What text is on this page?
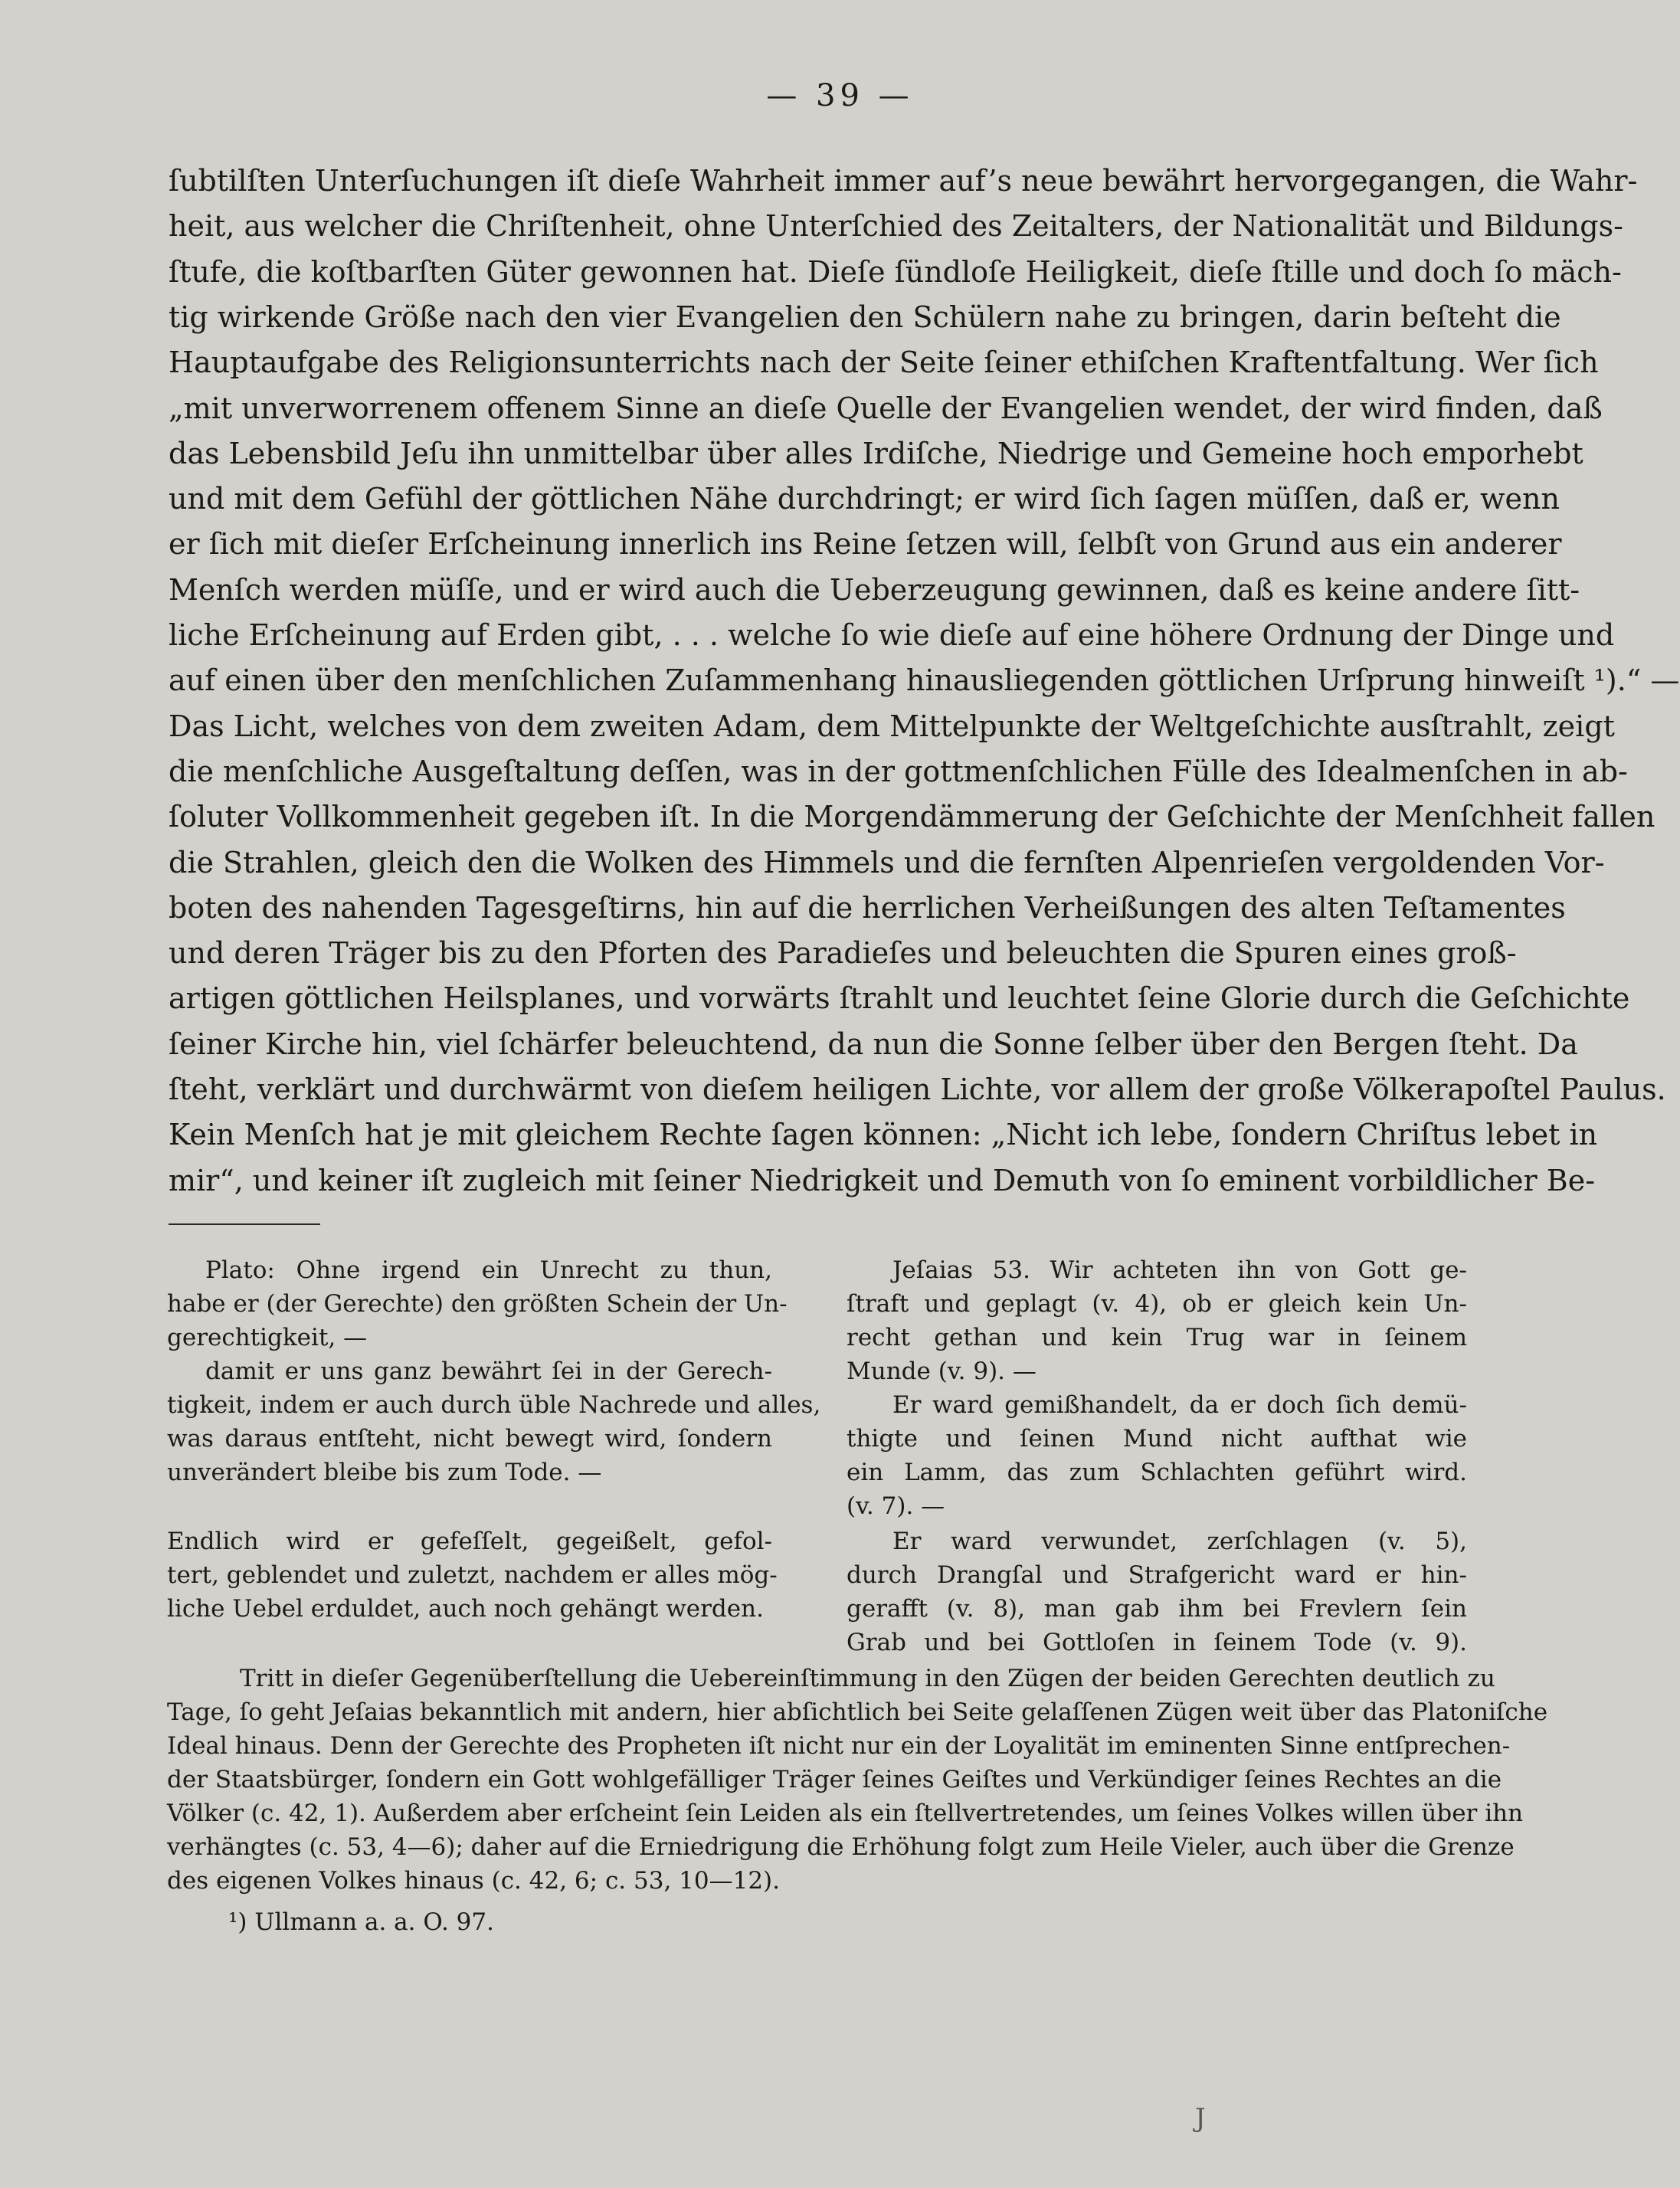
— 39 —
ſubtilſten Unterſuchungen iſt dieſe Wahrheit immer auf’s neue bewährt hervorgegangen, die Wahr-
heit, aus welcher die Chriſtenheit, ohne Unterſchied des Zeitalters, der Nationalität und Bildungs-
ſtufe, die koſtbarſten Güter gewonnen hat. Dieſe ſündloſe Heiligkeit, dieſe ſtille und doch ſo mäch-
tig wirkende Größe nach den vier Evangelien den Schülern nahe zu bringen, darin beſteht die
Hauptaufgabe des Religionsunterrichts nach der Seite ſeiner ethiſchen Kraftentfaltung. Wer ſich
„mit unverworrenem offenem Sinne an dieſe Quelle der Evangelien wendet, der wird finden, daß
das Lebensbild Jeſu ihn unmittelbar über alles Irdiſche, Niedrige und Gemeine hoch emporhebt
und mit dem Gefühl der göttlichen Nähe durchdringt; er wird ſich ſagen müſſen, daß er, wenn
er ſich mit dieſer Erſcheinung innerlich ins Reine ſetzen will, ſelbſt von Grund aus ein anderer
Menſch werden müſſe, und er wird auch die Ueberzeugung gewinnen, daß es keine andere ſitt-
liche Erſcheinung auf Erden gibt, . . . welche ſo wie dieſe auf eine höhere Ordnung der Dinge und
auf einen über den menſchlichen Zuſammenhang hinausliegenden göttlichen Urſprung hinweiſt ¹).“ —
Das Licht, welches von dem zweiten Adam, dem Mittelpunkte der Weltgeſchichte ausſtrahlt, zeigt
die menſchliche Ausgeſtaltung deſſen, was in der gottmenſchlichen Fülle des Idealmenſchen in ab-
ſoluter Vollkommenheit gegeben iſt. In die Morgendämmerung der Geſchichte der Menſchheit fallen
die Strahlen, gleich den die Wolken des Himmels und die fernſten Alpenrieſen vergoldenden Vor-
boten des nahenden Tagesgeſtirns, hin auf die herrlichen Verheißungen des alten Teſtamentes
und deren Träger bis zu den Pforten des Paradieſes und beleuchten die Spuren eines groß-
artigen göttlichen Heilsplanes, und vorwärts ſtrahlt und leuchtet ſeine Glorie durch die Geſchichte
ſeiner Kirche hin, viel ſchärfer beleuchtend, da nun die Sonne ſelber über den Bergen ſteht. Da
ſteht, verklärt und durchwärmt von dieſem heiligen Lichte, vor allem der große Völkerapoſtel Paulus.
Kein Menſch hat je mit gleichem Rechte ſagen können: „Nicht ich lebe, ſondern Chriſtus lebet in
mir“, und keiner iſt zugleich mit ſeiner Niedrigkeit und Demuth von ſo eminent vorbildlicher Be-
Plato: Ohne irgend ein Unrecht zu thun,
habe er (der Gerechte) den größten Schein der Un-
gerechtigkeit, —
damit er uns ganz bewährt ſei in der Gerech-
tigkeit, indem er auch durch üble Nachrede und alles,
was daraus entſteht, nicht bewegt wird, ſondern
unverändert bleibe bis zum Tode. —
Endlich wird er gefeſſelt, gegeißelt, gefol-
tert, geblendet und zuletzt, nachdem er alles mög-
liche Uebel erduldet, auch noch gehängt werden.
Jeſaias 53. Wir achteten ihn von Gott ge-
ſtraft und geplagt (v. 4), ob er gleich kein Un-
recht gethan und kein Trug war in ſeinem
Munde (v. 9). —
Er ward gemißhandelt, da er doch ſich demü-
thigte und ſeinen Mund nicht aufthat wie
ein Lamm, das zum Schlachten geführt wird.
(v. 7). —
Er ward verwundet, zerſchlagen (v. 5),
durch Drangſal und Strafgericht ward er hin-
gerafft (v. 8), man gab ihm bei Frevlern ſein
Grab und bei Gottloſen in ſeinem Tode (v. 9).
¹) Ullmann a. a. O. 97.
Tritt in dieſer Gegenüberſtellung die Uebereinſtimmung in den Zügen der beiden Gerechten deutlich zu
Tage, ſo geht Jeſaias bekanntlich mit andern, hier abſichtlich bei Seite gelaſſenen Zügen weit über das Platoniſche
Ideal hinaus. Denn der Gerechte des Propheten iſt nicht nur ein der Loyalität im eminenten Sinne entſprechen-
der Staatsbürger, ſondern ein Gott wohlgefälliger Träger ſeines Geiſtes und Verkündiger ſeines Rechtes an die
Völker (c. 42, 1). Außerdem aber erſcheint ſein Leiden als ein ſtellvertretendes, um ſeines Volkes willen über ihn
verhängtes (c. 53, 4—6); daher auf die Erniedrigung die Erhöhung folgt zum Heile Vieler, auch über die Grenze
des eigenen Volkes hinaus (c. 42, 6; c. 53, 10—12).
J
